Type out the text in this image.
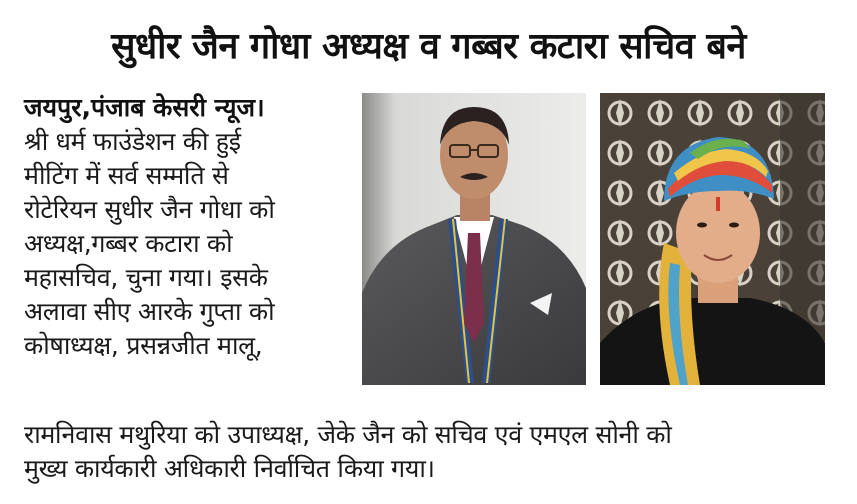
सुधीर जैन गोधा अध्यक्ष व गब्बर कटारा सचिव बने
जयपुर,पंजाब केसरी न्यूज।
श्री धर्म फाउंडेशन की हुई
मीटिंग में सर्व सम्मति से
रोटेरियन सुधीर जैन गोधा को
अध्यक्ष,गब्बर कटारा को
महासचिव, चुना गया। इसके
अलावा सीए आरके गुप्ता को
कोषाध्यक्ष, प्रसन्नजीत मालू,
रामनिवास मथुरिया को उपाध्यक्ष, जेके जैन को सचिव एवं एमएल सोनी को
मुख्य कार्यकारी अधिकारी निर्वाचित किया गया।
